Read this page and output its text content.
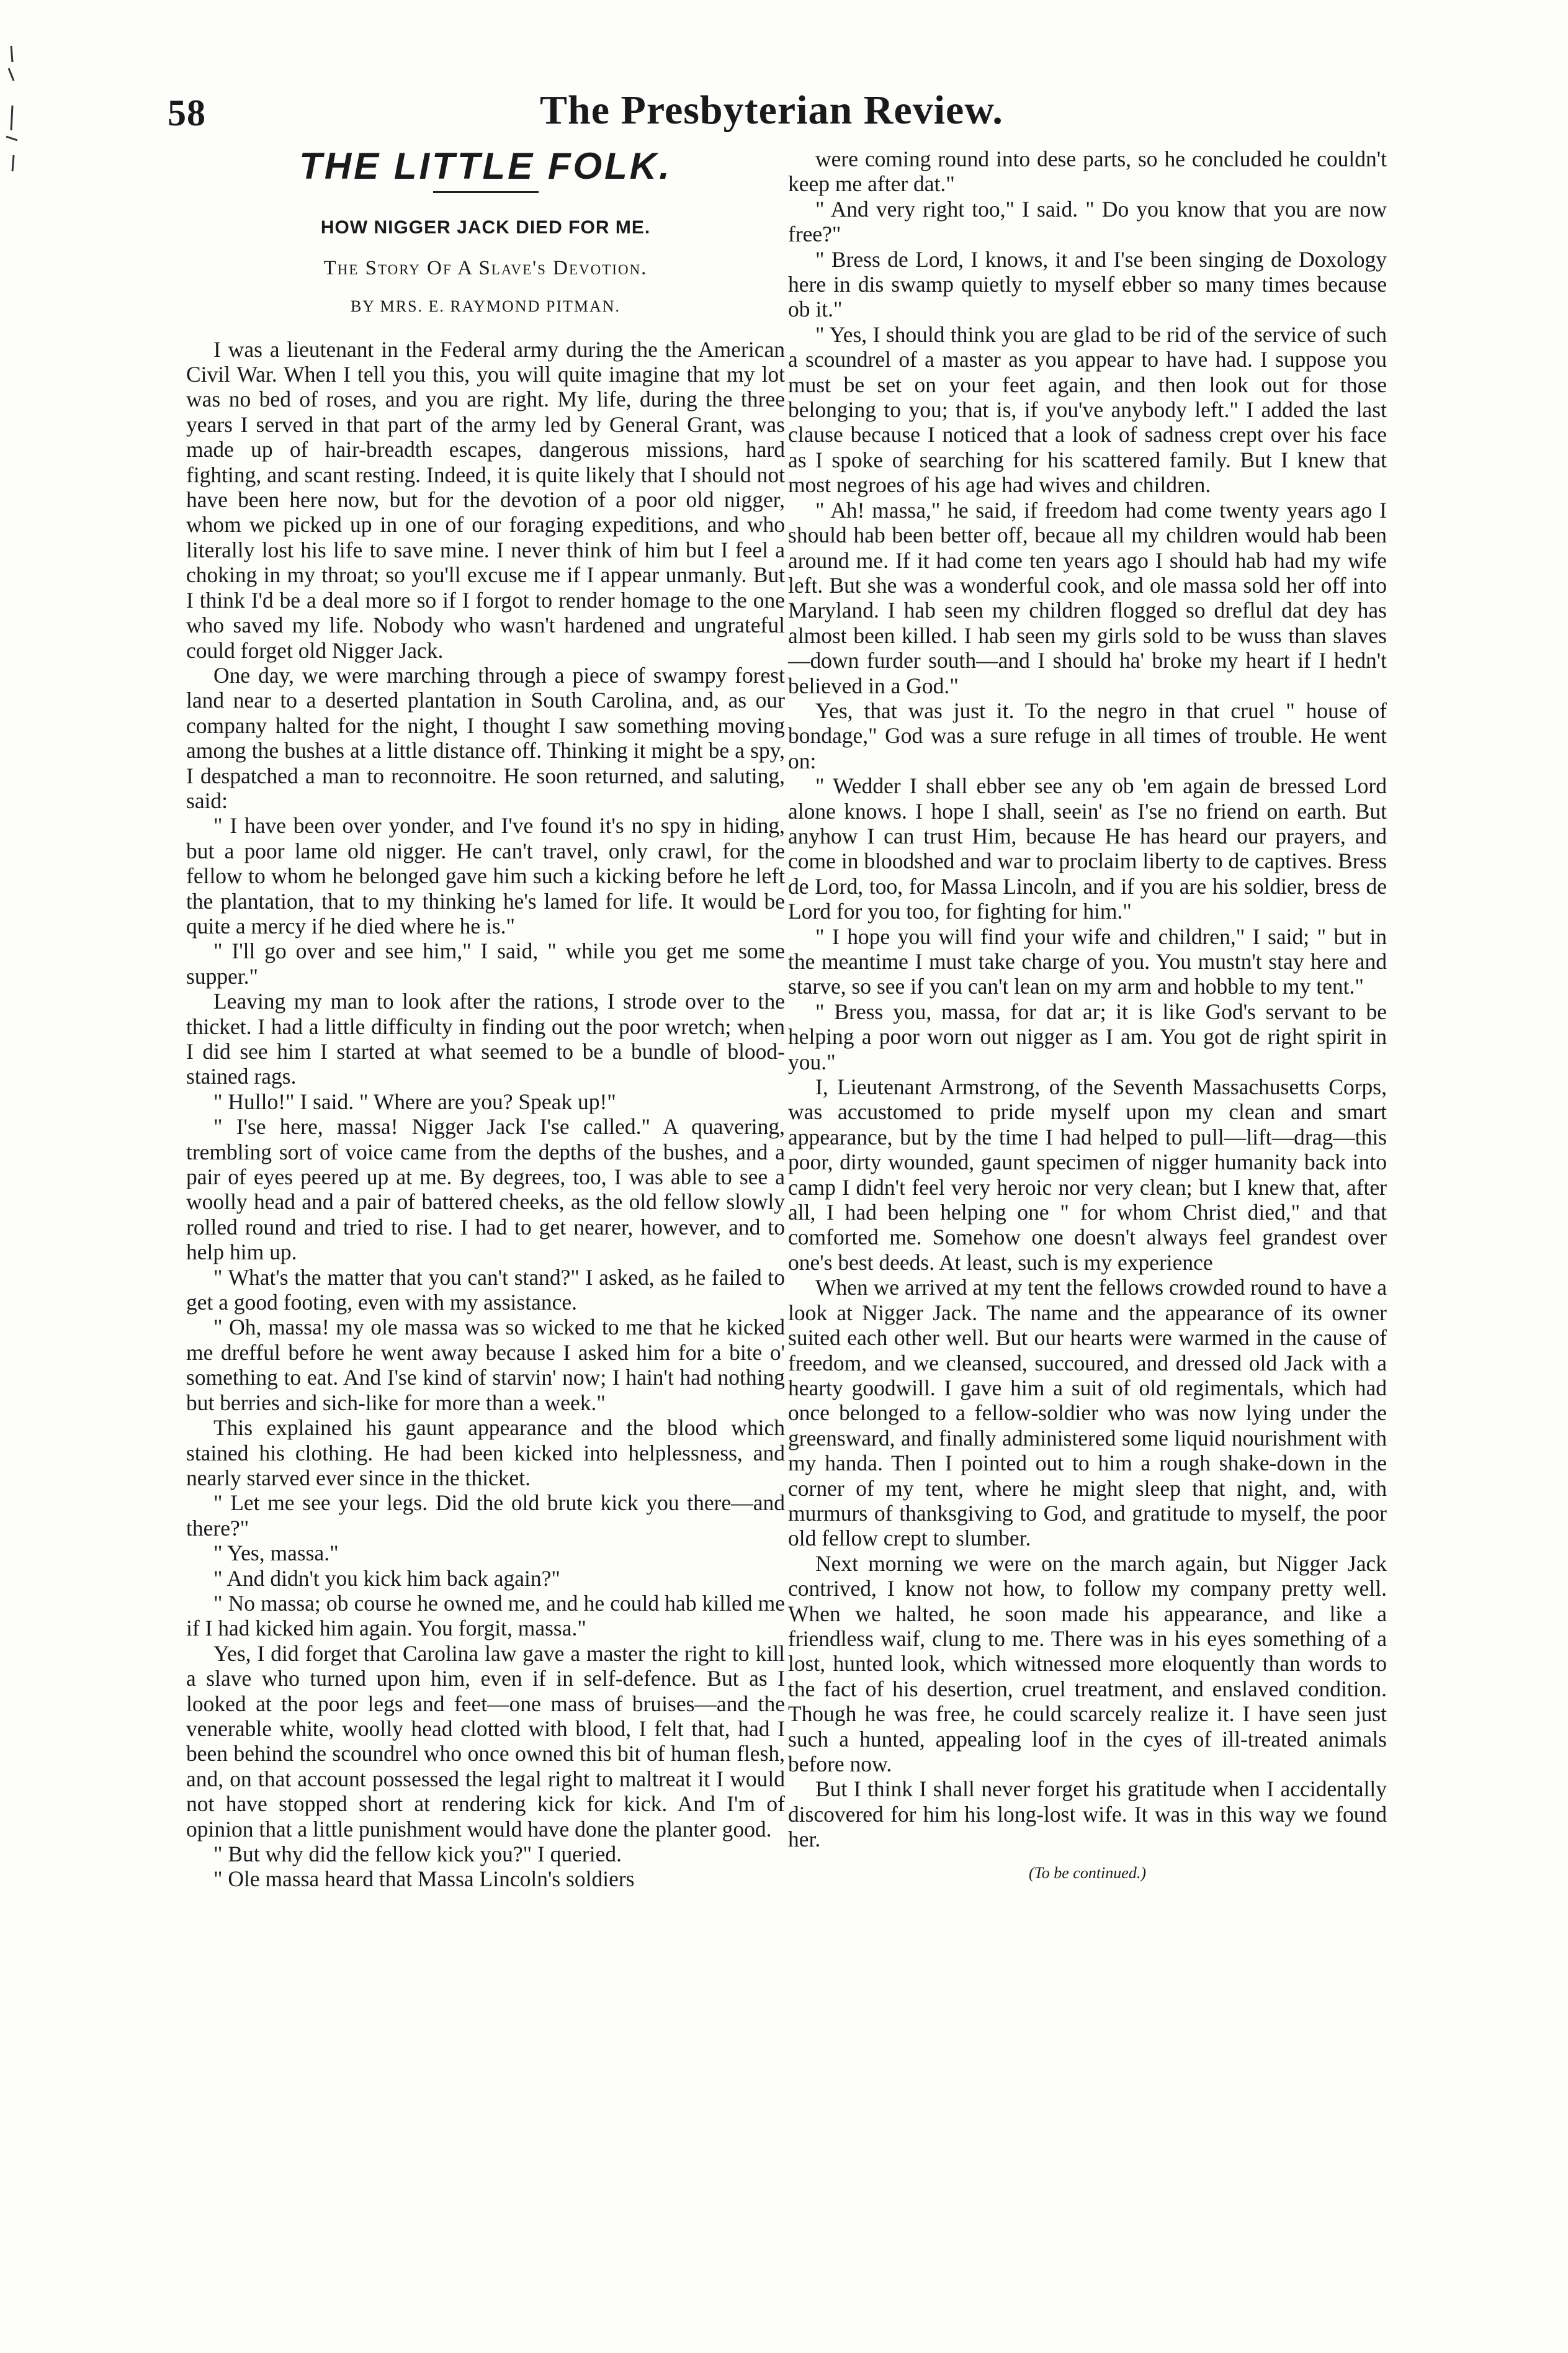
58	The Presbyterian Review.
THE LITTLE FOLK.
HOW NIGGER JACK DIED FOR ME.
The Story Of A Slave's Devotion.
BY MRS. E. RAYMOND PITMAN.

I was a lieutenant in the Federal army during the the American Civil War. When I tell you this, you will quite imagine that my lot was no bed of roses, and you are right. My life, during the three years I served in that part of the army led by General Grant, was made up of hair-breadth escapes, dangerous missions, hard fighting, and scant resting. Indeed, it is quite likely that I should not have been here now, but for the devotion of a poor old nigger, whom we picked up in one of our foraging expeditions, and who literally lost his life to save mine. I never think of him but I feel a choking in my throat; so you'll excuse me if I appear unmanly. But I think I'd be a deal more so if I forgot to render homage to the one who saved my life. Nobody who wasn't hardened and ungrateful could forget old Nigger Jack.

One day, we were marching through a piece of swampy forest land near to a deserted plantation in South Carolina, and, as our company halted for the night, I thought I saw something moving among the bushes at a little distance off. Thinking it might be a spy, I despatched a man to reconnoitre. He soon returned, and saluting, said:

" I have been over yonder, and I've found it's no spy in hiding, but a poor lame old nigger. He can't travel, only crawl, for the fellow to whom he belonged gave him such a kicking before he left the plantation, that to my thinking he's lamed for life. It would be quite a mercy if he died where he is."

" I'll go over and see him," I said, " while you get me some supper."

Leaving my man to look after the rations, I strode over to the thicket. I had a little difficulty in finding out the poor wretch; when I did see him I started at what seemed to be a bundle of blood-stained rags.

" Hullo!" I said. " Where are you? Speak up!"

" I'se here, massa! Nigger Jack I'se called." A quavering, trembling sort of voice came from the depths of the bushes, and a pair of eyes peered up at me. By degrees, too, I was able to see a woolly head and a pair of battered cheeks, as the old fellow slowly rolled round and tried to rise. I had to get nearer, however, and to help him up.

" What's the matter that you can't stand?" I asked, as he failed to get a good footing, even with my assistance.

" Oh, massa! my ole massa was so wicked to me that he kicked me drefful before he went away because I asked him for a bite o' something to eat. And I'se kind of starvin' now; I hain't had nothing but berries and sich-like for more than a week."

This explained his gaunt appearance and the blood which stained his clothing. He had been kicked into helplessness, and nearly starved ever since in the thicket.

" Let me see your legs. Did the old brute kick you there—and there?"

" Yes, massa."

" And didn't you kick him back again?"

" No massa; ob course he owned me, and he could hab killed me if I had kicked him again. You forgit, massa."

Yes, I did forget that Carolina law gave a master the right to kill a slave who turned upon him, even if in self-defence. But as I looked at the poor legs and feet—one mass of bruises—and the venerable white, woolly head clotted with blood, I felt that, had I been behind the scoundrel who once owned this bit of human flesh, and, on that account possessed the legal right to maltreat it I would not have stopped short at rendering kick for kick. And I'm of opinion that a little punishment would have done the planter good.

" But why did the fellow kick you?" I queried.

" Ole massa heard that Massa Lincoln's soldiers

were coming round into dese parts, so he concluded he couldn't keep me after dat."

" And very right too," I said. " Do you know that you are now free?"

" Bress de Lord, I knows, it and I'se been singing de Doxology here in dis swamp quietly to myself ebber so many times because ob it."

" Yes, I should think you are glad to be rid of the service of such a scoundrel of a master as you appear to have had. I suppose you must be set on your feet again, and then look out for those belonging to you; that is, if you've anybody left." I added the last clause because I noticed that a look of sadness crept over his face as I spoke of searching for his scattered family. But I knew that most negroes of his age had wives and children.

" Ah! massa," he said, if freedom had come twenty years ago I should hab been better off, becaue all my children would hab been around me. If it had come ten years ago I should hab had my wife left. But she was a wonderful cook, and ole massa sold her off into Maryland. I hab seen my children flogged so dreflul dat dey has almost been killed. I hab seen my girls sold to be wuss than slaves—down furder south—and I should ha' broke my heart if I hedn't believed in a God."

Yes, that was just it. To the negro in that cruel " house of bondage," God was a sure refuge in all times of trouble. He went on:

" Wedder I shall ebber see any ob 'em again de bressed Lord alone knows. I hope I shall, seein' as I'se no friend on earth. But anyhow I can trust Him, because He has heard our prayers, and come in bloodshed and war to proclaim liberty to de captives. Bress de Lord, too, for Massa Lincoln, and if you are his soldier, bress de Lord for you too, for fighting for him."

" I hope you will find your wife and children," I said; " but in the meantime I must take charge of you. You mustn't stay here and starve, so see if you can't lean on my arm and hobble to my tent."

" Bress you, massa, for dat ar; it is like God's servant to be helping a poor worn out nigger as I am. You got de right spirit in you."

I, Lieutenant Armstrong, of the Seventh Massachusetts Corps, was accustomed to pride myself upon my clean and smart appearance, but by the time I had helped to pull—lift—drag—this poor, dirty wounded, gaunt specimen of nigger humanity back into camp I didn't feel very heroic nor very clean; but I knew that, after all, I had been helping one " for whom Christ died," and that comforted me. Somehow one doesn't always feel grandest over one's best deeds. At least, such is my experience

When we arrived at my tent the fellows crowded round to have a look at Nigger Jack. The name and the appearance of its owner suited each other well. But our hearts were warmed in the cause of freedom, and we cleansed, succoured, and dressed old Jack with a hearty goodwill. I gave him a suit of old regimentals, which had once belonged to a fellow-soldier who was now lying under the greensward, and finally administered some liquid nourishment with my handa. Then I pointed out to him a rough shake-down in the corner of my tent, where he might sleep that night, and, with murmurs of thanksgiving to God, and gratitude to myself, the poor old fellow crept to slumber.

Next morning we were on the march again, but Nigger Jack contrived, I know not how, to follow my company pretty well. When we halted, he soon made his appearance, and like a friendless waif, clung to me. There was in his eyes something of a lost, hunted look, which witnessed more eloquently than words to the fact of his desertion, cruel treatment, and enslaved condition. Though he was free, he could scarcely realize it. I have seen just such a hunted, appealing loof in the cyes of ill-treated animals before now.

But I think I shall never forget his gratitude when I accidentally discovered for him his long-lost wife. It was in this way we found her.

(To be continued.)
